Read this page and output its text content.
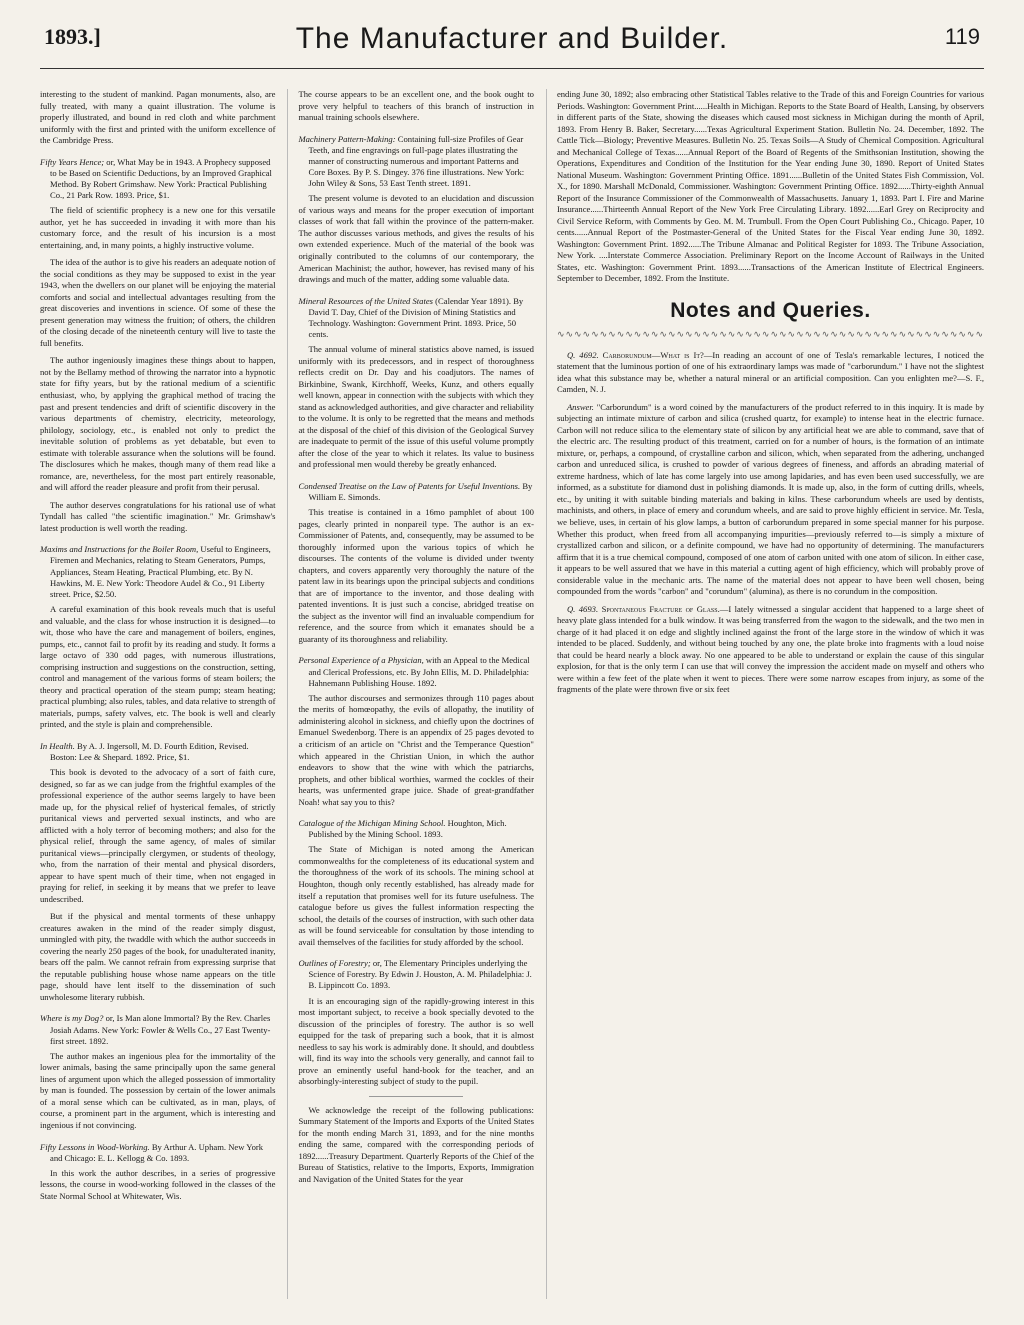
1893.]	The Manufacturer and Builder.	119

interesting to the student of mankind. Pagan monuments, also, are fully treated, with many a quaint illustration. The volume is properly illustrated, and bound in red cloth and white parchment uniformly with the first and printed with the uniform excellence of the Cambridge Press.

Fifty Years Hence; or, What May be in 1943. A Prophecy supposed to be Based on Scientific Deductions, by an Improved Graphical Method. By Robert Grimshaw. New York: Practical Publishing Co., 21 Park Row. 1893. Price, $1.

The field of scientific prophecy is a new one for this versatile author, yet he has succeeded in invading it with more than his customary force, and the result of his incursion is a most entertaining, and, in many points, a highly instructive volume.

The idea of the author is to give his readers an adequate notion of the social conditions as they may be supposed to exist in the year 1943, when the dwellers on our planet will be enjoying the material comforts and social and intellectual advantages resulting from the great discoveries and inventions in science. Of some of these the present generation may witness the fruition; of others, the children of the closing decade of the nineteenth century will live to taste the full benefits.

The author ingeniously imagines these things about to happen, not by the Bellamy method of throwing the narrator into a hypnotic state for fifty years, but by the rational medium of a scientific enthusiast, who, by applying the graphical method of tracing the past and present tendencies and drift of scientific discovery in the various departments of chemistry, electricity, meteorology, philology, sociology, etc., is enabled not only to predict the inevitable solution of problems as yet debatable, but even to estimate with tolerable assurance when the solutions will be found. The disclosures which he makes, though many of them read like a romance, are, nevertheless, for the most part entirely reasonable, and will afford the reader pleasure and profit from their perusal.

The author deserves congratulations for his rational use of what Tyndall has called "the scientific imagination." Mr. Grimshaw's latest production is well worth the reading.

Maxims and Instructions for the Boiler Room, Useful to Engineers, Firemen and Mechanics, relating to Steam Generators, Pumps, Appliances, Steam Heating, Practical Plumbing, etc. By N. Hawkins, M. E. New York: Theodore Audel & Co., 91 Liberty street. Price, $2.50.

A careful examination of this book reveals much that is useful and valuable, and the class for whose instruction it is designed—to wit, those who have the care and management of boilers, engines, pumps, etc., cannot fail to profit by its reading and study. It forms a large octavo of 330 odd pages, with numerous illustrations, comprising instruction and suggestions on the construction, setting, control and management of the various forms of steam boilers; the theory and practical operation of the steam pump; steam heating; practical plumbing; also rules, tables, and data relative to strength of materials, pumps, safety valves, etc. The book is well and clearly printed, and the style is plain and comprehensible.

In Health. By A. J. Ingersoll, M. D. Fourth Edition, Revised. Boston: Lee & Shepard. 1892. Price, $1.

This book is devoted to the advocacy of a sort of faith cure, designed, so far as we can judge from the frightful examples of the professional experience of the author seems largely to have been made up, for the physical relief of hysterical females, of strictly puritanical views and perverted sexual instincts, and who are afflicted with a holy terror of becoming mothers; and also for the physical relief, through the same agency, of males of similar puritanical views—principally clergymen, or students of theology, who, from the narration of their mental and physical disorders, appear to have spent much of their time, when not engaged in praying for relief, in seeking it by means that we prefer to leave undescribed.

But if the physical and mental torments of these unhappy creatures awaken in the mind of the reader simply disgust, unmingled with pity, the twaddle with which the author succeeds in covering the nearly 250 pages of the book, for unadulterated inanity, bears off the palm. We cannot refrain from expressing surprise that the reputable publishing house whose name appears on the title page, should have lent itself to the dissemination of such unwholesome literary rubbish.

Where is my Dog? or, Is Man alone Immortal? By the Rev. Charles Josiah Adams. New York: Fowler & Wells Co., 27 East Twenty-first street. 1892.

The author makes an ingenious plea for the immortality of the lower animals, basing the same principally upon the same general lines of argument upon which the alleged possession of immortality by man is founded. The possession by certain of the lower animals of a moral sense which can be cultivated, as in man, plays, of course, a prominent part in the argument, which is interesting and ingenious if not convincing.

Fifty Lessons in Wood-Working. By Arthur A. Upham. New York and Chicago: E. L. Kellogg & Co. 1893.

In this work the author describes, in a series of progressive lessons, the course in wood-working followed in the classes of the State Normal School at Whitewater, Wis.

The course appears to be an excellent one, and the book ought to prove very helpful to teachers of this branch of instruction in manual training schools elsewhere.

Machinery Pattern-Making: Containing full-size Profiles of Gear Teeth, and fine engravings on full-page plates illustrating the manner of constructing numerous and important Patterns and Core Boxes. By P. S. Dingey. 376 fine illustrations. New York: John Wiley & Sons, 53 East Tenth street. 1891.

The present volume is devoted to an elucidation and discussion of various ways and means for the proper execution of important classes of work that fall within the province of the pattern-maker. The author discusses various methods, and gives the results of his own extended experience. Much of the material of the book was originally contributed to the columns of our contemporary, the American Machinist; the author, however, has revised many of his drawings and much of the matter, adding some valuable data.

Mineral Resources of the United States (Calendar Year 1891). By David T. Day, Chief of the Division of Mining Statistics and Technology. Washington: Government Print. 1893. Price, 50 cents.

The annual volume of mineral statistics above named, is issued uniformly with its predecessors, and in respect of thoroughness reflects credit on Dr. Day and his coadjutors. The names of Birkinbine, Swank, Kirchhoff, Weeks, Kunz, and others equally well known, appear in connection with the subjects with which they stand as acknowledged authorities, and give character and reliability to the volume. It is only to be regretted that the means and methods at the disposal of the chief of this division of the Geological Survey are inadequate to permit of the issue of this useful volume promptly after the close of the year to which it relates. Its value to business and professional men would thereby be greatly enhanced.

Condensed Treatise on the Law of Patents for Useful Inventions. By William E. Simonds.

This treatise is contained in a 16mo pamphlet of about 100 pages, clearly printed in nonpareil type. The author is an ex-Commissioner of Patents, and, consequently, may be assumed to be thoroughly informed upon the various topics of which he discourses. The contents of the volume is divided under twenty chapters, and covers apparently very thoroughly the nature of the patent law in its bearings upon the principal subjects and conditions that are of importance to the inventor, and those dealing with patented inventions. It is just such a concise, abridged treatise on the subject as the inventor will find an invaluable compendium for reference, and the source from which it emanates should be a guaranty of its thoroughness and reliability.

Personal Experience of a Physician, with an Appeal to the Medical and Clerical Professions, etc. By John Ellis, M. D. Philadelphia: Hahnemann Publishing House. 1892.

The author discourses and sermonizes through 110 pages about the merits of homœopathy, the evils of allopathy, the inutility of administering alcohol in sickness, and chiefly upon the doctrines of Emanuel Swedenborg. There is an appendix of 25 pages devoted to a criticism of an article on "Christ and the Temperance Question" which appeared in the Christian Union, in which the author endeavors to show that the wine with which the patriarchs, prophets, and other biblical worthies, warmed the cockles of their hearts, was unfermented grape juice. Shade of great-grandfather Noah! what say you to this?

Catalogue of the Michigan Mining School. Houghton, Mich. Published by the Mining School. 1893.

The State of Michigan is noted among the American commonwealths for the completeness of its educational system and the thoroughness of the work of its schools. The mining school at Houghton, though only recently established, has already made for itself a reputation that promises well for its future usefulness. The catalogue before us gives the fullest information respecting the school, the details of the courses of instruction, with such other data as will be found serviceable for consultation by those intending to avail themselves of the facilities for study afforded by the school.

Outlines of Forestry; or, The Elementary Principles underlying the Science of Forestry. By Edwin J. Houston, A. M. Philadelphia: J. B. Lippincott Co. 1893.

It is an encouraging sign of the rapidly-growing interest in this most important subject, to receive a book specially devoted to the discussion of the principles of forestry. The author is so well equipped for the task of preparing such a book, that it is almost needless to say his work is admirably done. It should, and doubtless will, find its way into the schools very generally, and cannot fail to prove an eminently useful hand-book for the teacher, and an absorbingly-interesting subject of study to the pupil.

We acknowledge the receipt of the following publications: Summary Statement of the Imports and Exports of the United States for the month ending March 31, 1893, and for the nine months ending the same, compared with the corresponding periods of 1892......Treasury Department. Quarterly Reports of the Chief of the Bureau of Statistics, relative to the Imports, Exports, Immigration and Navigation of the United States for the year

ending June 30, 1892; also embracing other Statistical Tables relative to the Trade of this and Foreign Countries for various Periods. Washington: Government Print......Health in Michigan. Reports to the State Board of Health, Lansing, by observers in different parts of the State, showing the diseases which caused most sickness in Michigan during the month of April, 1893. From Henry B. Baker, Secretary......Texas Agricultural Experiment Station. Bulletin No. 24. December, 1892. The Cattle Tick—Biology; Preventive Measures. Bulletin No. 25. Texas Soils—A Study of Chemical Composition. Agricultural and Mechanical College of Texas......Annual Report of the Board of Regents of the Smithsonian Institution, showing the Operations, Expenditures and Condition of the Institution for the Year ending June 30, 1890. Report of United States National Museum. Washington: Government Printing Office. 1891......Bulletin of the United States Fish Commission, Vol. X., for 1890. Marshall McDonald, Commissioner. Washington: Government Printing Office. 1892......Thirty-eighth Annual Report of the Insurance Commissioner of the Commonwealth of Massachusetts. January 1, 1893. Part I. Fire and Marine Insurance......Thirteenth Annual Report of the New York Free Circulating Library. 1892......Earl Grey on Reciprocity and Civil Service Reform, with Comments by Geo. M. M. Trumbull. From the Open Court Publishing Co., Chicago. Paper, 10 cents......Annual Report of the Postmaster-General of the United States for the Fiscal Year ending June 30, 1892. Washington: Government Print. 1892......The Tribune Almanac and Political Register for 1893. The Tribune Association, New York. ....Interstate Commerce Association. Preliminary Report on the Income Account of Railways in the United States, etc. Washington: Government Print. 1893......Transactions of the American Institute of Electrical Engineers. September to December, 1892. From the Institute.

Notes and Queries.
∿∿∿∿∿∿∿∿∿∿∿∿∿∿∿∿∿∿∿∿∿∿∿∿∿∿∿∿∿∿∿∿∿∿∿∿∿∿∿∿∿∿∿∿∿∿∿∿∿∿

Q. 4692. Carborundum—What is It?—In reading an account of one of Tesla's remarkable lectures, I noticed the statement that the luminous portion of one of his extraordinary lamps was made of "carborundum." I have not the slightest idea what this substance may be, whether a natural mineral or an artificial composition. Can you enlighten me?—S. F., Camden, N. J.

Answer. "Carborundum" is a word coined by the manufacturers of the product referred to in this inquiry. It is made by subjecting an intimate mixture of carbon and silica (crushed quartz, for example) to intense heat in the electric furnace. Carbon will not reduce silica to the elementary state of silicon by any artificial heat we are able to command, save that of the electric arc. The resulting product of this treatment, carried on for a number of hours, is the formation of an intimate mixture, or, perhaps, a compound, of crystalline carbon and silicon, which, when separated from the adhering, unchanged carbon and unreduced silica, is crushed to powder of various degrees of fineness, and affords an abrading material of extreme hardness, which of late has come largely into use among lapidaries, and has even been used successfully, we are informed, as a substitute for diamond dust in polishing diamonds. It is made up, also, in the form of cutting drills, wheels, etc., by uniting it with suitable binding materials and baking in kilns. These carborundum wheels are used by dentists, machinists, and others, in place of emery and corundum wheels, and are said to prove highly efficient in service. Mr. Tesla, we believe, uses, in certain of his glow lamps, a button of carborundum prepared in some special manner for his purpose. Whether this product, when freed from all accompanying impurities—previously referred to—is simply a mixture of crystallized carbon and silicon, or a definite compound, we have had no opportunity of determining. The manufacturers affirm that it is a true chemical compound, composed of one atom of carbon united with one atom of silicon. In either case, it appears to be well assured that we have in this material a cutting agent of high efficiency, which will probably prove of considerable value in the mechanic arts. The name of the material does not appear to have been well chosen, being compounded from the words "carbon" and "corundum" (alumina), as there is no corundum in the composition.

Q. 4693. Spontaneous Fracture of Glass.—I lately witnessed a singular accident that happened to a large sheet of heavy plate glass intended for a bulk window. It was being transferred from the wagon to the sidewalk, and the two men in charge of it had placed it on edge and slightly inclined against the front of the large store in the window of which it was intended to be placed. Suddenly, and without being touched by any one, the plate broke into fragments with a loud noise that could be heard nearly a block away. No one appeared to be able to understand or explain the cause of this singular explosion, for that is the only term I can use that will convey the impression the accident made on myself and others who were within a few feet of the plate when it went to pieces. There were some narrow escapes from injury, as some of the fragments of the plate were thrown five or six feet
